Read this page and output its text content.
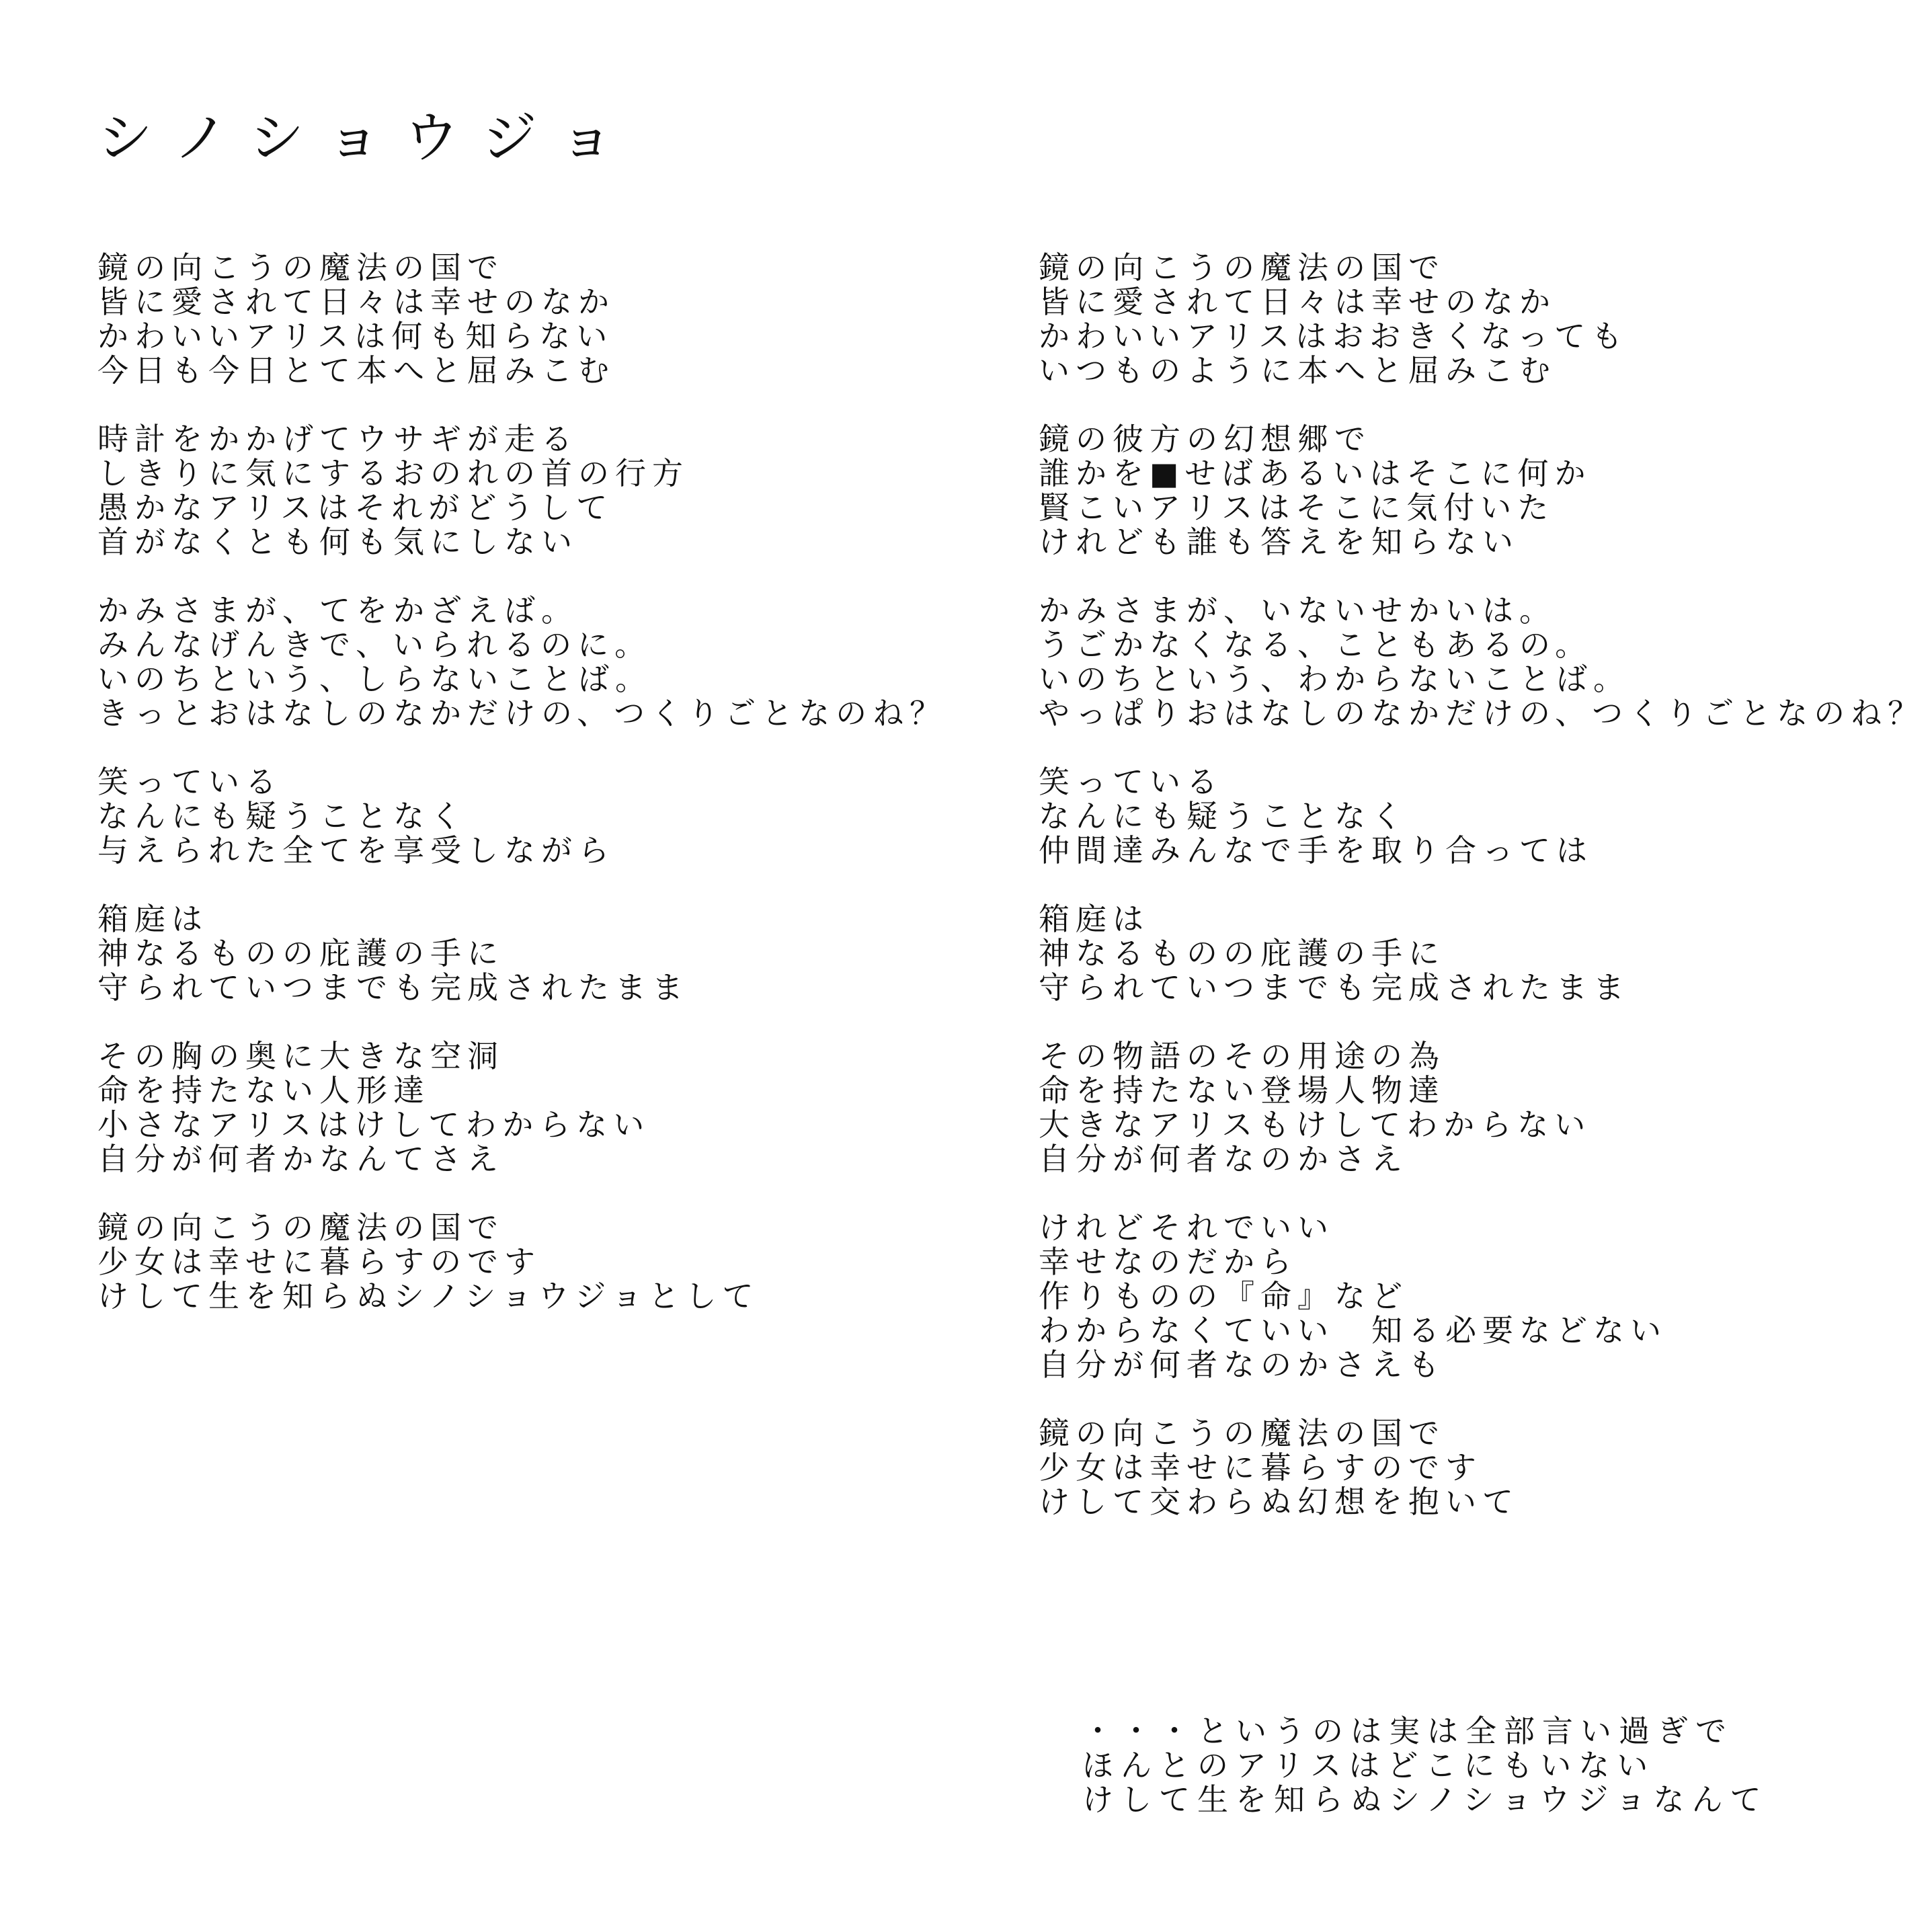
シノショウジョ
鏡の向こうの魔法の国で
皆に愛されて日々は幸せのなか
かわいいアリスは何も知らない
今日も今日とて本へと屈みこむ
時計をかかげてウサギが走る
しきりに気にするおのれの首の行方
愚かなアリスはそれがどうして
首がなくとも何も気にしない
かみさまが、てをかざえば。
みんなげんきで、いられるのに。
いのちという、しらないことば。
きっとおはなしのなかだけの、つくりごとなのね？
笑っている
なんにも疑うことなく
与えられた全てを享受しながら
箱庭は
神なるものの庇護の手に
守られていつまでも完成されたまま
その胸の奥に大きな空洞
命を持たない人形達
小さなアリスはけしてわからない
自分が何者かなんてさえ
鏡の向こうの魔法の国で
少女は幸せに暮らすのです
けして生を知らぬシノショウジョとして
鏡の向こうの魔法の国で
皆に愛されて日々は幸せのなか
かわいいアリスはおおきくなっても
いつものように本へと屈みこむ
鏡の彼方の幻想郷で
誰かを■せばあるいはそこに何か
賢こいアリスはそこに気付いた
けれども誰も答えを知らない
かみさまが、いないせかいは。
うごかなくなる、こともあるの。
いのちという、わからないことば。
やっぱりおはなしのなかだけの、つくりごとなのね？
笑っている
なんにも疑うことなく
仲間達みんなで手を取り合っては
箱庭は
神なるものの庇護の手に
守られていつまでも完成されたまま
その物語のその用途の為
命を持たない登場人物達
大きなアリスもけしてわからない
自分が何者なのかさえ
けれどそれでいい
幸せなのだから
作りものの『命』など
わからなくていい　知る必要などない
自分が何者なのかさえも
鏡の向こうの魔法の国で
少女は幸せに暮らすのです
けして交わらぬ幻想を抱いて
・・・というのは実は全部言い過ぎで
ほんとのアリスはどこにもいない
けして生を知らぬシノショウジョなんて
